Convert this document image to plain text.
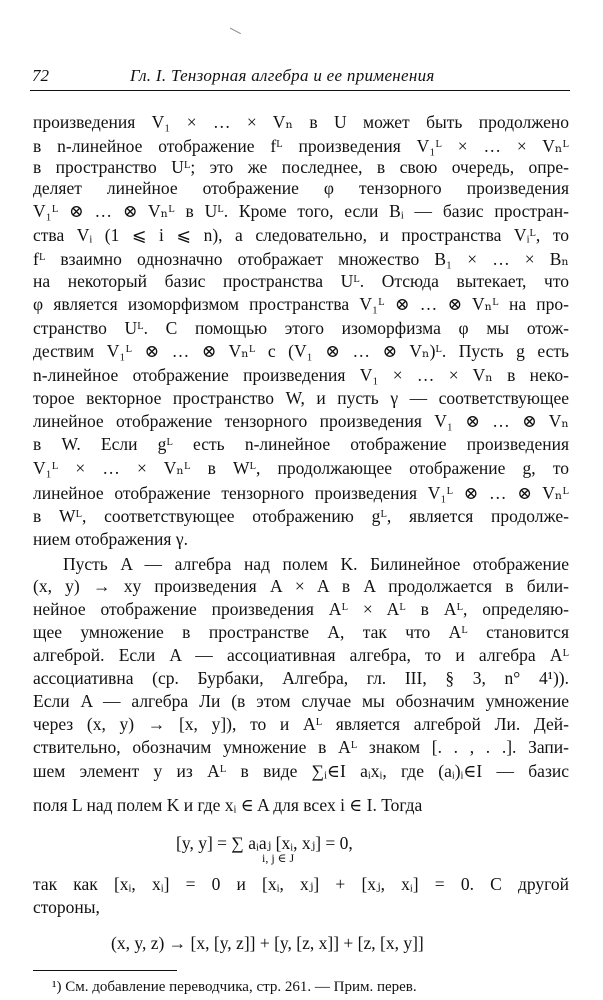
72	Гл. I. Тензорная алгебра и ее применения
произведения V₁ × … × Vₙ в U может быть продолжено
в n-линейное отображение fᴸ произведения V₁ᴸ × … × Vₙᴸ
в пространство Uᴸ; это же последнее, в свою очередь, опре-
деляет линейное отображение φ тензорного произведения
V₁ᴸ ⊗ … ⊗ Vₙᴸ в Uᴸ. Кроме того, если Bᵢ — базис простран-
ства Vᵢ (1 ⩽ i ⩽ n), а следовательно, и пространства Vᵢᴸ, то
fᴸ взаимно однозначно отображает множество B₁ × … × Bₙ
на некоторый базис пространства Uᴸ. Отсюда вытекает, что
φ является изоморфизмом пространства V₁ᴸ ⊗ … ⊗ Vₙᴸ на про-
странство Uᴸ. С помощью этого изоморфизма φ мы отож-
дествим V₁ᴸ ⊗ … ⊗ Vₙᴸ с (V₁ ⊗ … ⊗ Vₙ)ᴸ. Пусть g есть
n-линейное отображение произведения V₁ × … × Vₙ в неко-
торое векторное пространство W, и пусть γ — соответствующее
линейное отображение тензорного произведения V₁ ⊗ … ⊗ Vₙ
в W. Если gᴸ есть n-линейное отображение произведения
V₁ᴸ × … × Vₙᴸ в Wᴸ, продолжающее отображение g, то
линейное отображение тензорного произведения V₁ᴸ ⊗ … ⊗ Vₙᴸ
в Wᴸ, соответствующее отображению gᴸ, является продолже-
нием отображения γ.
Пусть A — алгебра над полем K. Билинейное отображение
(x, y) → xy произведения A × A в A продолжается в били-
нейное отображение произведения Aᴸ × Aᴸ в Aᴸ, определяю-
щее умножение в пространстве A, так что Aᴸ становится
алгеброй. Если A — ассоциативная алгебра, то и алгебра Aᴸ
ассоциативна (ср. Бурбаки, Алгебра, гл. III, § 3, n° 4¹)).
Если A — алгебра Ли (в этом случае мы обозначим умножение
через (x, y) → [x, y]), то и Aᴸ является алгеброй Ли. Дей-
ствительно, обозначим умножение в Aᴸ знаком [. . , . .]. Запи-
шем элемент y из Aᴸ в виде ∑ᵢ∈I aᵢxᵢ, где (aᵢ)ᵢ∈I — базис
поля L над полем K и где xᵢ ∈ A для всех i ∈ I. Тогда
[y, y] = ∑ aᵢaⱼ [xᵢ, xⱼ] = 0,
i, j ∈ J
так как [xᵢ, xᵢ] = 0 и [xᵢ, xⱼ] + [xⱼ, xᵢ] = 0. С другой
стороны,
(x, y, z) → [x, [y, z]] + [y, [z, x]] + [z, [x, y]]
¹) См. добавление переводчика, стр. 261. — Прим. перев.
